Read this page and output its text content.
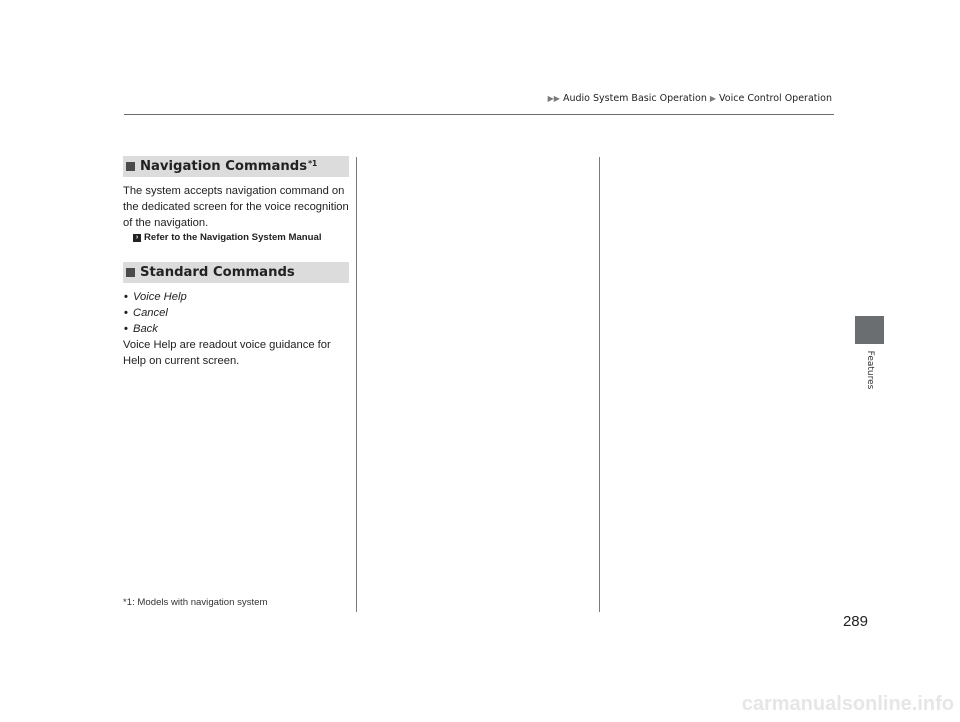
▶▶ Audio System Basic Operation ▶ Voice Control Operation
Features
Navigation Commands$^{*1}$
The system accepts navigation command on the dedicated screen for the voice recognition of the navigation.
› Refer to the Navigation System Manual
Standard Commands
• Voice Help
• Cancel
• Back
Voice Help are readout voice guidance for Help on current screen.
*1: Models with navigation system
289
carmanualsonline.info
